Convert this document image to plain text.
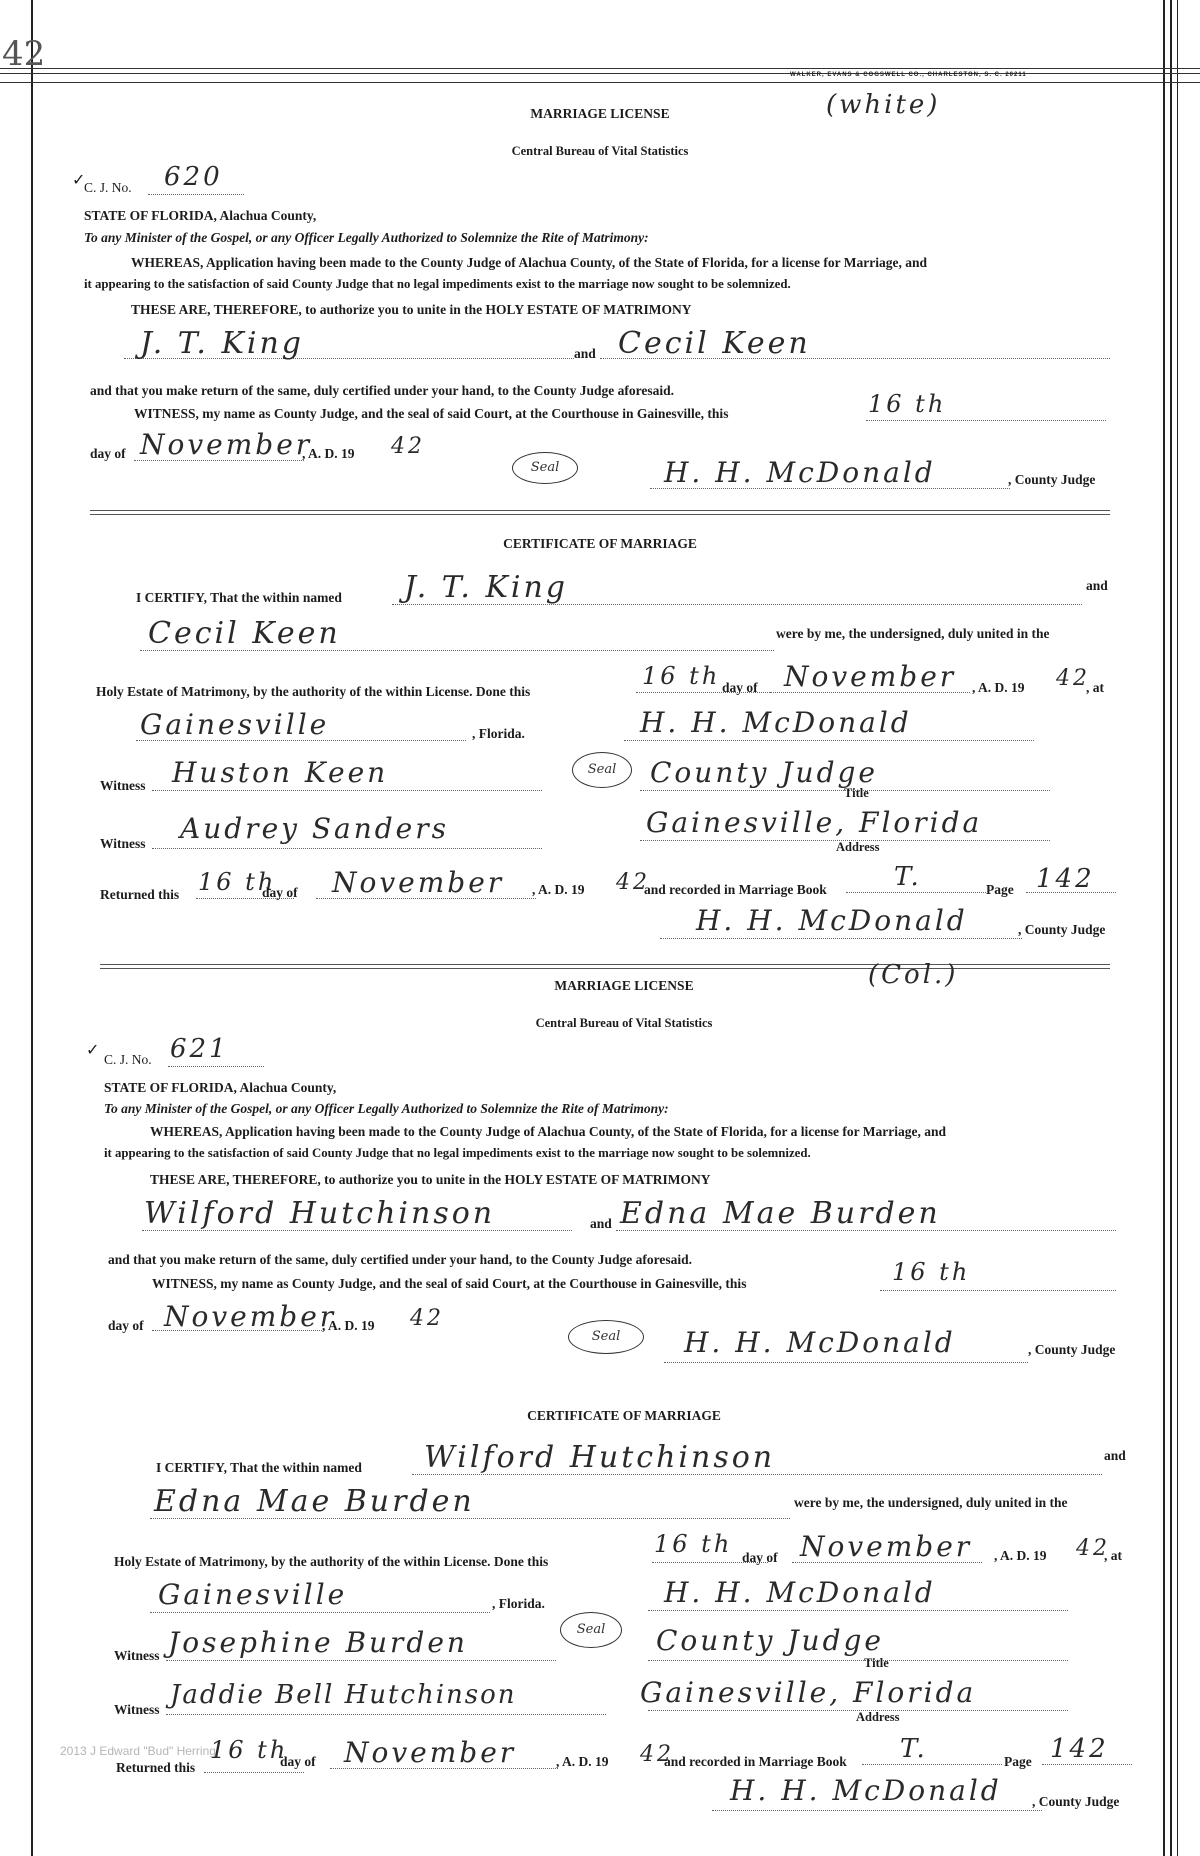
42
WALKER, EVANS & COGSWELL CO., CHARLESTON, S. C. 20211
(white)
MARRIAGE LICENSE
Central Bureau of Vital Statistics
✓
C. J. No. 620
STATE OF FLORIDA, Alachua County,
To any Minister of the Gospel, or any Officer Legally Authorized to Solemnize the Rite of Matrimony:
WHEREAS, Application having been made to the County Judge of Alachua County, of the State of Florida, for a license for Marriage, and
it appearing to the satisfaction of said County Judge that no legal impediments exist to the marriage now sought to be solemnized.
THESE ARE, THEREFORE, to authorize you to unite in the HOLY ESTATE OF MATRIMONY
J. T. King	and Cecil Keen
and that you make return of the same, duly certified under your hand, to the County Judge aforesaid.
WITNESS, my name as County Judge, and the seal of said Court, at the Courthouse in Gainesville, this	16 th
day of November
, A. D. 19 42
Seal	H. H. McDonald	, County Judge
CERTIFICATE OF MARRIAGE
I CERTIFY, That the within named J. T. King	and
Cecil Keen	were by me, the undersigned, duly united in the
Holy Estate of Matrimony, by the authority of the within License. Done this
16 th day of November , A. D. 19 42
, at
Gainesville	, Florida.	H. H. McDonald
Witness Huston Keen	Seal	County Judge
Title
Witness Audrey Sanders	Gainesville, Florida
Address
Returned this 16 th
day of November , A. D. 19 42
and recorded in Marriage Book	T.	Page 142
H. H. McDonald	, County Judge
(Col.)
MARRIAGE LICENSE
Central Bureau of Vital Statistics
✓
C. J. No. 621
STATE OF FLORIDA, Alachua County,
To any Minister of the Gospel, or any Officer Legally Authorized to Solemnize the Rite of Matrimony:
WHEREAS, Application having been made to the County Judge of Alachua County, of the State of Florida, for a license for Marriage, and
it appearing to the satisfaction of said County Judge that no legal impediments exist to the marriage now sought to be solemnized.
THESE ARE, THEREFORE, to authorize you to unite in the HOLY ESTATE OF MATRIMONY
Wilford Hutchinson	and Edna Mae Burden
and that you make return of the same, duly certified under your hand, to the County Judge aforesaid.
WITNESS, my name as County Judge, and the seal of said Court, at the Courthouse in Gainesville, this	16 th
day of November
, A. D. 19 42
Seal	H. H. McDonald	, County Judge
CERTIFICATE OF MARRIAGE
I CERTIFY, That the within named Wilford Hutchinson	and
Edna Mae Burden	were by me, the undersigned, duly united in the
Holy Estate of Matrimony, by the authority of the within License. Done this
16 th day of November , A. D. 19 42
, at
Gainesville	, Florida.	H. H. McDonald
Witness Josephine Burden	Seal	County Judge
Title
Witness Jaddie Bell Hutchinson	Gainesville, Florida
Address
2013 J Edward "Bud" Herring
Returned this
16 th
day of November	, A. D. 19 42
and recorded in Marriage Book T.	Page 142
H. H. McDonald , County Judge
